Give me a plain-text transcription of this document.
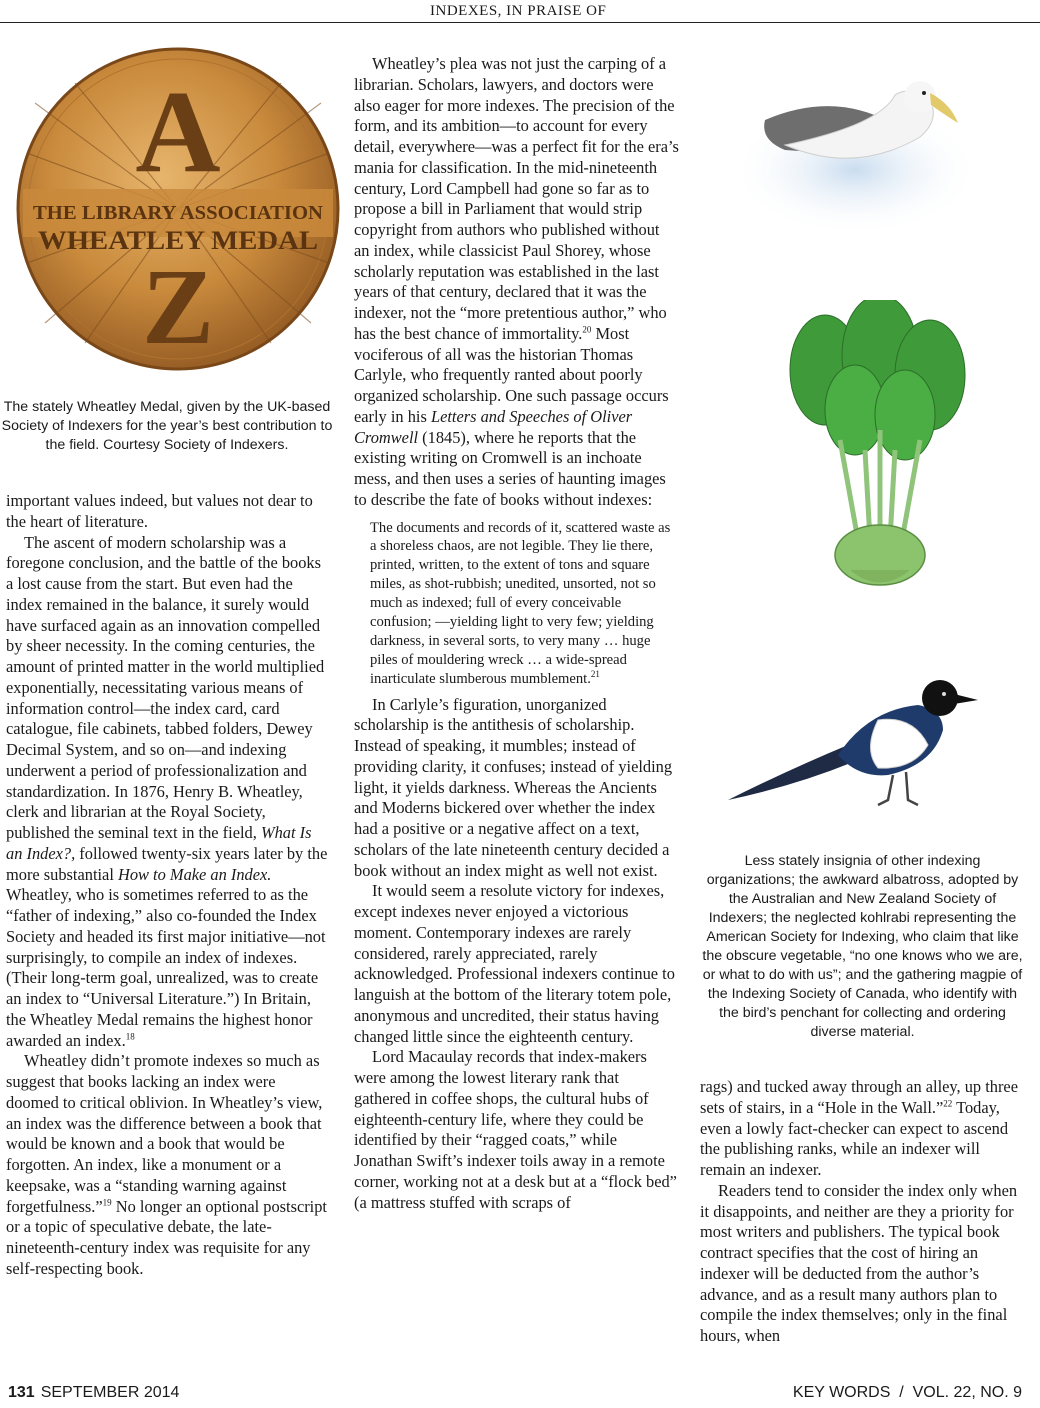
INDEXES, IN PRAISE OF
A
THE LIBRARY ASSOCIATION
WHEATLEY MEDAL
Z
The stately Wheatley Medal, given by the UK-based Society of Indexers for the year’s best contribution to the field. Courtesy Society of Indexers.
Less stately insignia of other indexing organizations; the awkward albatross, adopted by the Australian and New Zealand Society of Indexers; the neglected kohlrabi representing the American Society for Indexing, who claim that like the obscure vegetable, “no one knows who we are, or what to do with us”; and the gathering magpie of the Indexing Society of Canada, who identify with the bird’s penchant for collecting and ordering diverse material.

important values indeed, but values not dear to the heart of literature.

The ascent of modern scholarship was a foregone conclusion, and the battle of the books a lost cause from the start. But even had the index remained in the balance, it surely would have surfaced again as an innovation compelled by sheer necessity. In the coming centuries, the amount of printed matter in the world multiplied exponentially, necessitating various means of information control—the index card, card catalogue, file cabinets, tabbed folders, Dewey Decimal System, and so on—and indexing underwent a period of professionalization and standardization. In 1876, Henry B. Wheatley, clerk and librarian at the Royal Society, published the seminal text in the field, What Is an Index?, followed twenty-six years later by the more substantial How to Make an Index. Wheatley, who is sometimes referred to as the “father of indexing,” also co-founded the Index Society and headed its first major initiative—not surprisingly, to compile an index of indexes. (Their long-term goal, unrealized, was to create an index to “Universal Literature.”) In Britain, the Wheatley Medal remains the highest honor awarded an index.$^{18}$

Wheatley didn’t promote indexes so much as suggest that books lacking an index were doomed to critical oblivion. In Wheatley’s view, an index was the difference between a book that would be known and a book that would be forgotten. An index, like a monument or a keepsake, was a “standing warning against forgetfulness.”$^{19}$ No longer an optional postscript or a topic of speculative debate, the late-nineteenth-century index was requisite for any self-respecting book.

Wheatley’s plea was not just the carping of a librarian. Scholars, lawyers, and doctors were also eager for more indexes. The precision of the form, and its ambition—to account for every detail, everywhere—was a perfect fit for the era’s mania for classification. In the mid-nineteenth century, Lord Campbell had gone so far as to propose a bill in Parliament that would strip copyright from authors who published without an index, while classicist Paul Shorey, whose scholarly reputation was established in the last years of that century, declared that it was the indexer, not the “more pretentious author,” who has the best chance of immortality.$^{20}$ Most vociferous of all was the historian Thomas Carlyle, who frequently ranted about poorly organized scholarship. One such passage occurs early in his Letters and Speeches of Oliver Cromwell (1845), where he reports that the existing writing on Cromwell is an inchoate mess, and then uses a series of haunting images to describe the fate of books without indexes:

The documents and records of it, scattered waste as a shoreless chaos, are not legible. They lie there, printed, written, to the extent of tons and square miles, as shot-rubbish; unedited, unsorted, not so much as indexed; full of every conceivable confusion; —yielding light to very few; yielding darkness, in several sorts, to very many … huge piles of mouldering wreck … a wide-spread inarticulate slumberous mumblement.$^{21}$

In Carlyle’s figuration, unorganized scholarship is the antithesis of scholarship. Instead of speaking, it mumbles; instead of providing clarity, it confuses; instead of yielding light, it yields darkness. Whereas the Ancients and Moderns bickered over whether the index had a positive or a negative affect on a text, scholars of the late nineteenth century decided a book without an index might as well not exist.

It would seem a resolute victory for indexes, except indexes never enjoyed a victorious moment. Contemporary indexes are rarely considered, rarely appreciated, rarely acknowledged. Professional indexers continue to languish at the bottom of the literary totem pole, anonymous and uncredited, their status having changed little since the eighteenth century.

Lord Macaulay records that index-makers were among the lowest literary rank that gathered in coffee shops, the cultural hubs of eighteenth-century life, where they could be identified by their “ragged coats,” while Jonathan Swift’s indexer toils away in a remote corner, working not at a desk but at a “flock bed” (a mattress stuffed with scraps of

rags) and tucked away through an alley, up three sets of stairs, in a “Hole in the Wall.”$^{22}$ Today, even a lowly fact-checker can expect to ascend the publishing ranks, while an indexer will remain an indexer.

Readers tend to consider the index only when it disappoints, and neither are they a priority for most writers and publishers. The typical book contract specifies that the cost of hiring an indexer will be deducted from the author’s advance, and as a result many authors plan to compile the index themselves; only in the final hours, when

131 SEPTEMBER 2014	KEY WORDS  /  VOL. 22, NO. 9
